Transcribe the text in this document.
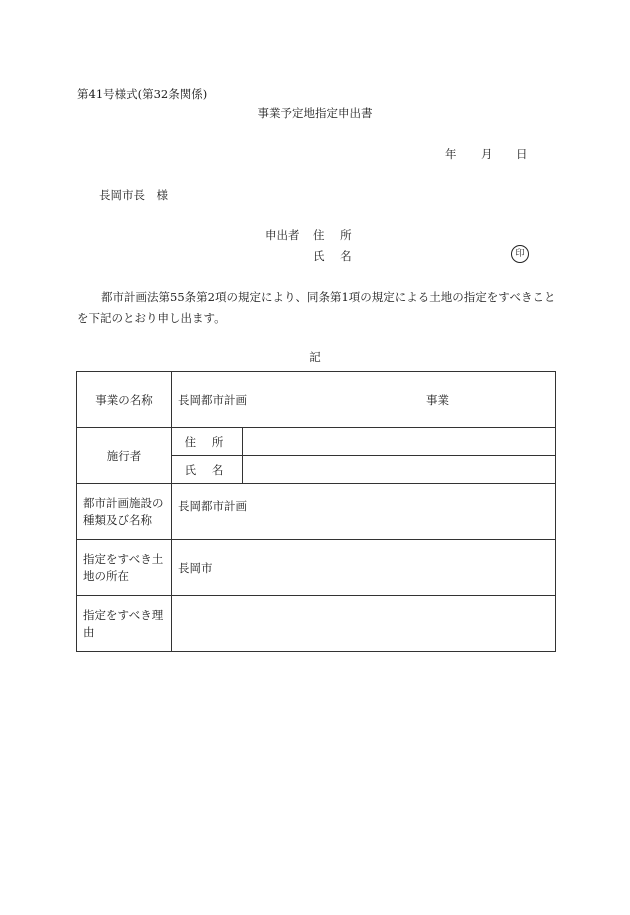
第41号様式(第32条関係)
事業予定地指定申出書
年 月 日
長岡市長　様
申出者 住 所
氏 名	印
都市計画法第55条第2項の規定により、同条第1項の規定による土地の指定をすべきことを下記のとおり申し出ます。
記
事業の名称	長岡都市計画 事業	

施行者	住 所	
	氏 名	
都市計画施設の種類及び名称	長岡都市計画	
指定をすべき土地の所在	長岡市	
指定をすべき理由		
